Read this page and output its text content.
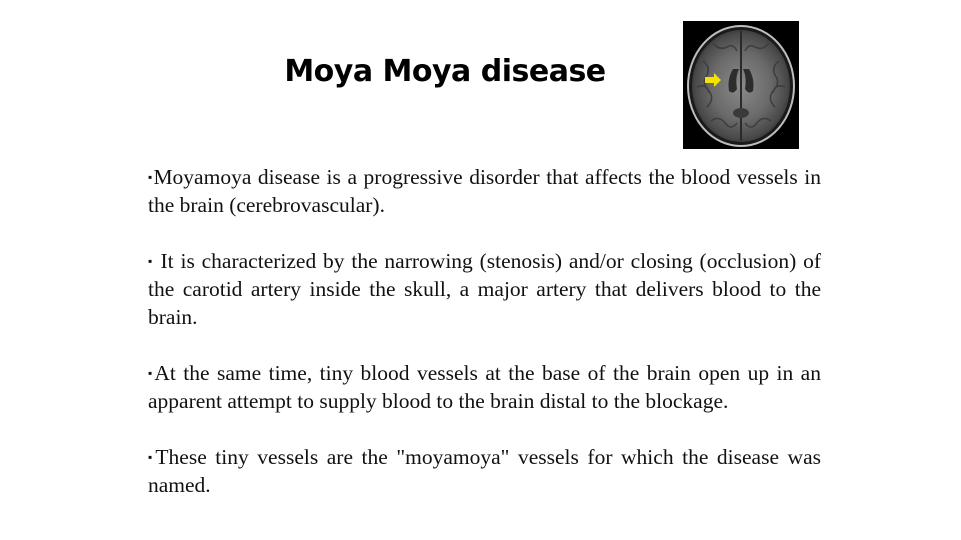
Moya Moya disease

▪Moyamoya disease is a progressive disorder that affects the blood vessels in the brain (cerebrovascular).

▪ It is characterized by the narrowing (stenosis) and/or closing (occlusion) of the carotid artery inside the skull, a major artery that delivers blood to the brain.

▪At the same time, tiny blood vessels at the base of the brain open up in an apparent attempt to supply blood to the brain distal to the blockage.

▪These tiny vessels are the "moyamoya" vessels for which the disease was named.
